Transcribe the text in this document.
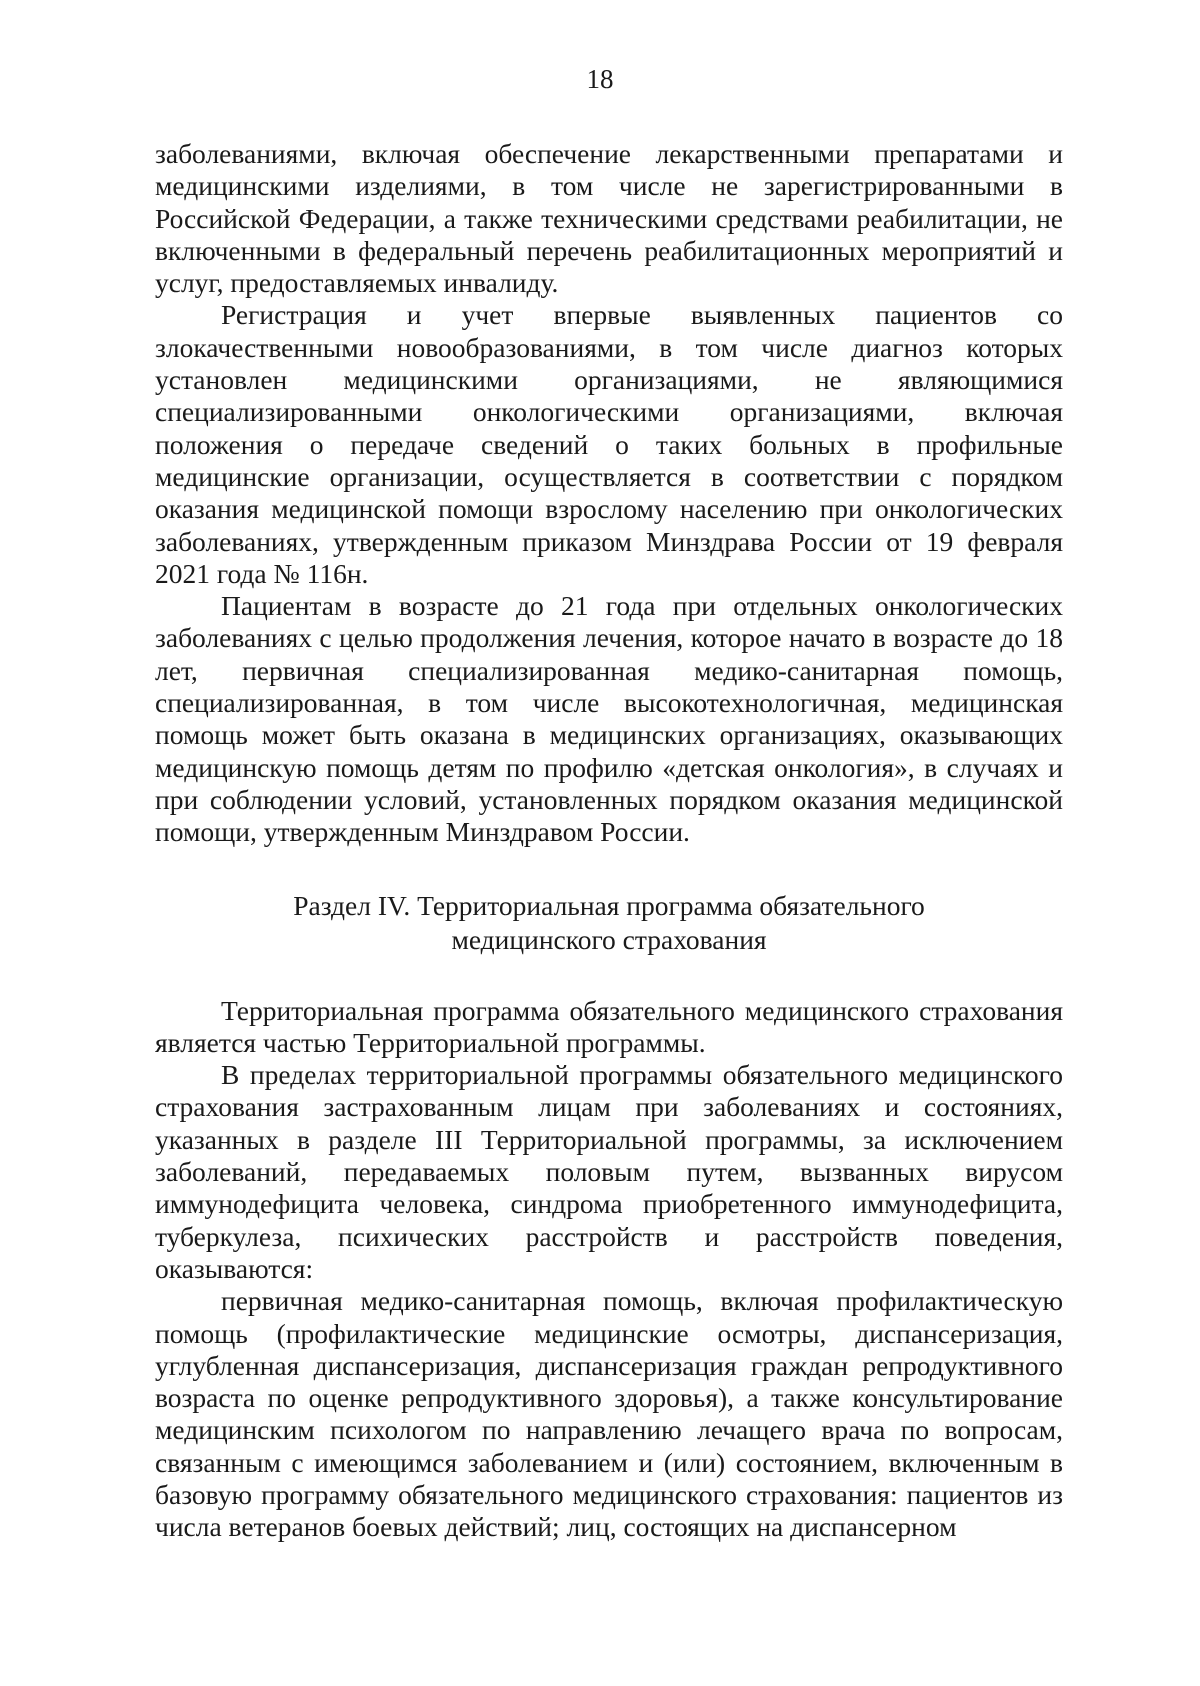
18

заболеваниями, включая обеспечение лекарственными препаратами и медицинскими изделиями, в том числе не зарегистрированными в Российской Федерации, а также техническими средствами реабилитации, не включенными в федеральный перечень реабилитационных мероприятий и услуг, предоставляемых инвалиду.

Регистрация и учет впервые выявленных пациентов со злокачественными новообразованиями, в том числе диагноз которых установлен медицинскими организациями, не являющимися специализированными онкологическими организациями, включая положения о передаче сведений о таких больных в профильные медицинские организации, осуществляется в соответствии с порядком оказания медицинской помощи взрослому населению при онкологических заболеваниях, утвержденным приказом Минздрава России от 19 февраля 2021 года № 116н.

Пациентам в возрасте до 21 года при отдельных онкологических заболеваниях с целью продолжения лечения, которое начато в возрасте до 18 лет, первичная специализированная медико-санитарная помощь, специализированная, в том числе высокотехнологичная, медицинская помощь может быть оказана в медицинских организациях, оказывающих медицинскую помощь детям по профилю «детская онкология», в случаях и при соблюдении условий, установленных порядком оказания медицинской помощи, утвержденным Минздравом России.

Раздел IV. Территориальная программа обязательного
медицинского страхования

Территориальная программа обязательного медицинского страхования является частью Территориальной программы.

В пределах территориальной программы обязательного медицинского страхования застрахованным лицам при заболеваниях и состояниях, указанных в разделе III Территориальной программы, за исключением заболеваний, передаваемых половым путем, вызванных вирусом иммунодефицита человека, синдрома приобретенного иммунодефицита, туберкулеза, психических расстройств и расстройств поведения, оказываются:

первичная медико-санитарная помощь, включая профилактическую помощь (профилактические медицинские осмотры, диспансеризация, углубленная диспансеризация, диспансеризация граждан репродуктивного возраста по оценке репродуктивного здоровья), а также консультирование медицинским психологом по направлению лечащего врача по вопросам, связанным с имеющимся заболеванием и (или) состоянием, включенным в базовую программу обязательного медицинского страхования: пациентов из числа ветеранов боевых действий; лиц, состоящих на диспансерном
